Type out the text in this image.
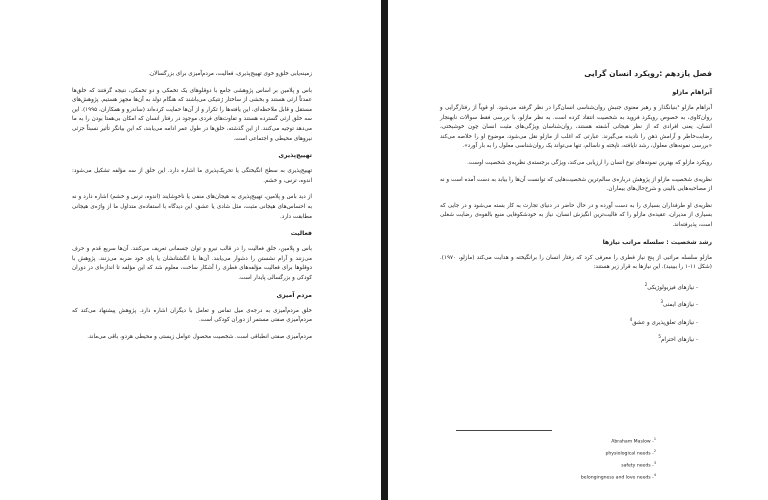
زمینه‌یابی خلق‌و خوی تهییج‌پذیری، فعالیت، مردم‌آمیزی برای بزرگسالان.

باس و پلامین بر اساس پژوهشی جامع با دوقلوهای یک تخمکی و دو تخمکی، نتیجه گرفتند که خلق‌ها عمدتاً ارثی هستند و بخشی از ساختار ژنتیکی می‌باشند که هنگام تولد به آن‌ها مجهز هستیم. پژوهش‌های مستقل و قابل ملاحظه‌ای، این یافته‌ها را تکرار و از آن‌ها حمایت کرده‌اند (ساندرو و همکاران، ۱۹۹۵). این سه خلق ارثی گسترده هستند و تفاوت‌های فردی موجود در رفتار انسان که امکان بی‌همتا بودن را به ما می‌دهد توجیه می‌کنند. از این گذشته، خلق‌ها در طول عمر ادامه می‌یابند، که این بیانگر تأثیر نسبتاً جزئی نیروهای محیطی و اجتماعی است.

تهییج‌پذیری

تهییج‌پذیری به سطح انگیختگی یا تحریک‌پذیری ما اشاره دارد. این خلق از سه مؤلفه تشکیل می‌شود: اندوه، ترس، و خشم.

از دید باس و پلامین، تهییج‌پذیری به هیجان‌های منفی یا ناخوشایند (اندوه، ترس و خشم) اشاره دارد و نه به احساس‌های هیجانی مثبت، مثل شادی یا عشق. این دیدگاه با استفاده‌ی متداول ما از واژه‌ی هیجانی مطابقت دارد.

فعالیت

باس و پلامین، خلق فعالیت را در قالب نیرو و توان جسمانی تعریف می‌کنند. آن‌ها سریع قدم و حرف می‌زنند و آرام نشستن را دشوار می‌یابند. آن‌ها با انگشتانشان یا پای خود ضربه می‌زنند. پژوهش با دوقلوها برای فعالیت مؤلفه‌های فطری را آشکار ساخت، معلوم شد که این مؤلفه تا اندازه‌ای در دوران کودکی و بزرگسالی پایدار است.

مردم آمیزی

خلق مردم‌آمیزی به درجه‌ی میل تماس و تعامل با دیگران اشاره دارد. پژوهش پیشنهاد می‌کند که مردم‌آمیزی صفتی مستمر از دوران کودکی است.

مردم‌آمیزی صفتی انطباقی است. شخصیت محصول عوامل زیستی و محیطی هردو، باقی می‌ماند.

فصل یازدهم :رویکرد انسان گرایی
آبراهام مازلو

آبراهام مازلو ¹بنیانگذار و رهبر معنوی جنبش روان‌شناسی انسان‌گرا در نظر گرفته می‌شود. او قویاً از رفتارگرایی و روان‌کاوی، به خصوص رویکرد فروید به شخصیت انتقاد کرده است. به نظر مازلو، با بررسی فقط سوالات نابهنجار انسان، یعنی افرادی که از نظر هیجانی آشفته هستند، روان‌شناسان ویژگی‌های مثبت انسان چون خوشبختی، رضایت‌خاطر و آرامش ذهن را نادیده می‌گیرند. عبارتی که اغلب از مازلو نقل می‌شود، موضوع او را خلاصه می‌کند «بررسی نمونه‌های معلول، رشد نایافته، ناپخته و ناسالم، تنها می‌تواند یک روان‌شناسی معلول را به بار آورد».

رویکرد مازلو که بهترین نمونه‌های نوع انسان را ارزیابی می‌کند، ویژگی برجسته‌ی نظریه‌ی شخصیت اوست.

نظریه‌ی شخصیت مازلو از پژوهش درباره‌ی سالم‌ترین شخصیت‌هایی که توانست آن‌ها را بیابد به دست آمده است و نه از مصاحبه‌هایی بالینی و شرح‌حال‌های بیماران.

نظریه‌ی او طرفداران بسیاری را به دست آورده و در حال حاضر در دنیای تجارت به کار بسته می‌شود و در جایی که بسیاری از مدیران، عقیده‌ی مازلو را که فالیت‌ترین انگیزش انسان، نیاز به خودشکوفایی منبع بالقوه‌ی رضایت شغلی است، پذیرفته‌اند.

رشد شخصیت : سلسله مراتب نیازها

مازلو سلسله مراتبی از پنج نیاز فطری را معرفی کرد که رفتار انسان را برانگیخته و هدایت می‌کند (مازلو، ۱۹۷۰). (شکل ۱۱-۱ را ببینید). این نیازها به قرار زیر هستند:

- نیازهای فیزیولوژیکی$^2$
- نیازهای ایمنی$^3$
- نیازهای تعلق‌پذیری و عشق$^4$
- نیازهای احترام$^5$

$^1$- Abraham Maslow

$^2$- physiological needs

$^3$- safety needs

$^4$- belongingness and love needs
